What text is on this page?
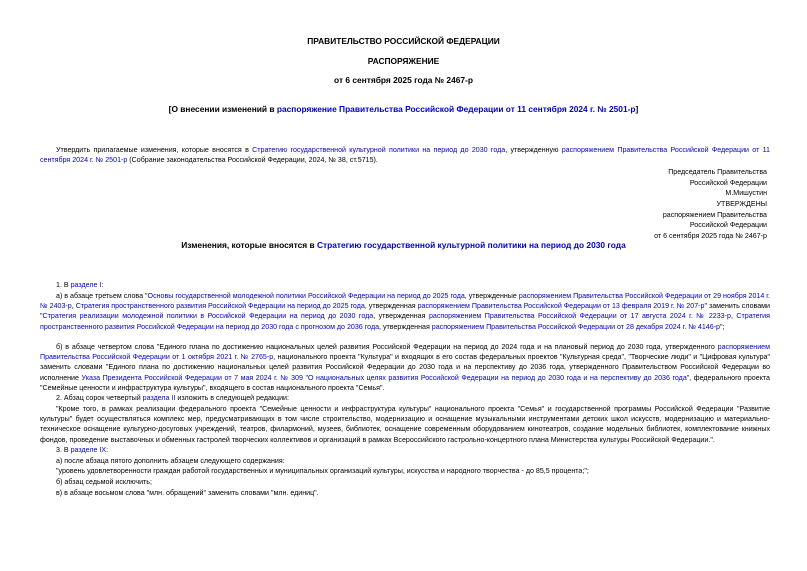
ПРАВИТЕЛЬСТВО РОССИЙСКОЙ ФЕДЕРАЦИИ
РАСПОРЯЖЕНИЕ
от 6 сентября 2025 года № 2467-р
[О внесении изменений в распоряжение Правительства Российской Федерации от 11 сентября 2024 г. № 2501-р]
Утвердить прилагаемые изменения, которые вносятся в Стратегию государственной культурной политики на период до 2030 года, утвержденную распоряжением Правительства Российской Федерации от 11 сентября 2024 г. № 2501-р (Собрание законодательства Российской Федерации, 2024, № 38, ст.5715).
Председатель Правительства
Российской Федерации
М.Мишустин
УТВЕРЖДЕНЫ
распоряжением Правительства
Российской Федерации
от 6 сентября 2025 года № 2467-р
Изменения, которые вносятся в Стратегию государственной культурной политики на период до 2030 года
1. В разделе I:
а) в абзаце третьем слова "Основы государственной молодежной политики Российской Федерации на период до 2025 года, утвержденные распоряжением Правительства Российской Федерации от 29 ноября 2014 г. № 2403-р, Стратегия пространственного развития Российской Федерации на период до 2025 года, утвержденная распоряжением Правительства Российской Федерации от 13 февраля 2019 г. № 207-р" заменить словами "Стратегия реализации молодежной политики в Российской Федерации на период до 2030 года, утвержденная распоряжением Правительства Российской Федерации от 17 августа 2024 г. № 2233-р, Стратегия пространственного развития Российской Федерации на период до 2030 года с прогнозом до 2036 года, утвержденная распоряжением Правительства Российской Федерации от 28 декабря 2024 г. № 4146-р";
б) в абзаце четвертом слова "Единого плана по достижению национальных целей развития Российской Федерации на период до 2024 года и на плановый период до 2030 года, утвержденного распоряжением Правительства Российской Федерации от 1 октября 2021 г. № 2765-р, национального проекта "Культура" и входящих в его состав федеральных проектов "Культурная среда", "Творческие люди" и "Цифровая культура" заменить словами "Единого плана по достижению национальных целей развития Российской Федерации до 2030 года и на перспективу до 2036 года, утвержденного Правительством Российской Федерации во исполнение Указа Президента Российской Федерации от 7 мая 2024 г. № 309 "О национальных целях развития Российской Федерации на период до 2030 года и на перспективу до 2036 года", федерального проекта "Семейные ценности и инфраструктура культуры", входящего в состав национального проекта "Семья".
2. Абзац сорок четвертый раздела II изложить в следующей редакции:
"Кроме того, в рамках реализации федерального проекта "Семейные ценности и инфраструктура культуры" национального проекта "Семья" и государственной программы Российской Федерации "Развитие культуры" будет осуществляться комплекс мер, предусматривающих в том числе строительство, модернизацию и оснащение музыкальными инструментами детских школ искусств, модернизацию и материально-техническое оснащение культурно-досуговых учреждений, театров, филармоний, музеев, библиотек, оснащение современным оборудованием кинотеатров, создание модельных библиотек, комплектование книжных фондов, проведение выставочных и обменных гастролей творческих коллективов и организаций в рамках Всероссийского гастрольно-концертного плана Министерства культуры Российской Федерации.".
3. В разделе IX:
а) после абзаца пятого дополнить абзацем следующего содержания:
"уровень удовлетворенности граждан работой государственных и муниципальных организаций культуры, искусства и народного творчества - до 85,5 процента;";
б) абзац седьмой исключить;
в) в абзаце восьмом слова "млн. обращений" заменить словами "млн. единиц".
